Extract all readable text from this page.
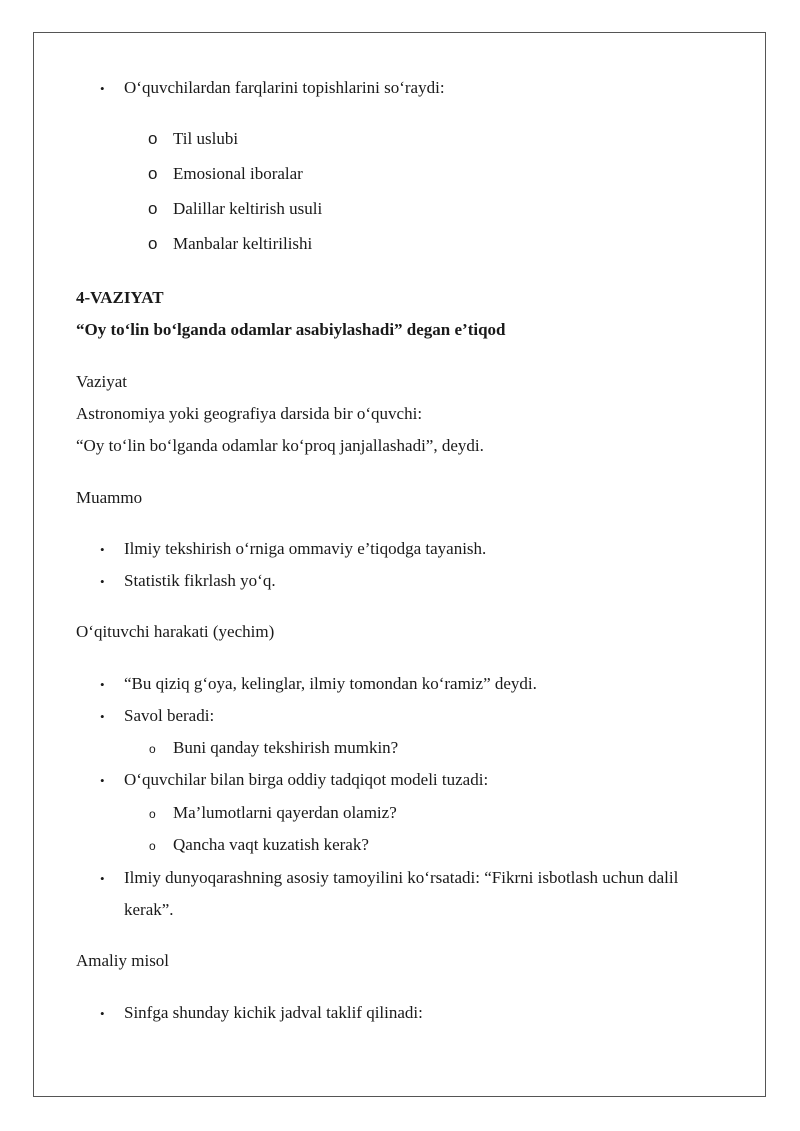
• O‘quvchilardan farqlarini topishlarini so‘raydi:
o Til uslubi
o Emosional iboralar
o Dalillar keltirish usuli
o Manbalar keltirilishi
4-VAZIYAT
“Oy to‘lin bo‘lganda odamlar asabiylashadi” degan e’tiqod
Vaziyat
Astronomiya yoki geografiya darsida bir o‘quvchi:
“Oy to‘lin bo‘lganda odamlar ko‘proq janjallashadi”, deydi.
Muammo
• Ilmiy tekshirish o‘rniga ommaviy e’tiqodga tayanish.
• Statistik fikrlash yo‘q.
O‘qituvchi harakati (yechim)
• “Bu qiziq g‘oya, kelinglar, ilmiy tomondan ko‘ramiz” deydi.
• Savol beradi:
o Buni qanday tekshirish mumkin?
• O‘quvchilar bilan birga oddiy tadqiqot modeli tuzadi:
o Ma’lumotlarni qayerdan olamiz?
o Qancha vaqt kuzatish kerak?
• Ilmiy dunyoqarashning asosiy tamoyilini ko‘rsatadi: “Fikrni isbotlash uchun dalil
kerak”.
Amaliy misol
• Sinfga shunday kichik jadval taklif qilinadi:
